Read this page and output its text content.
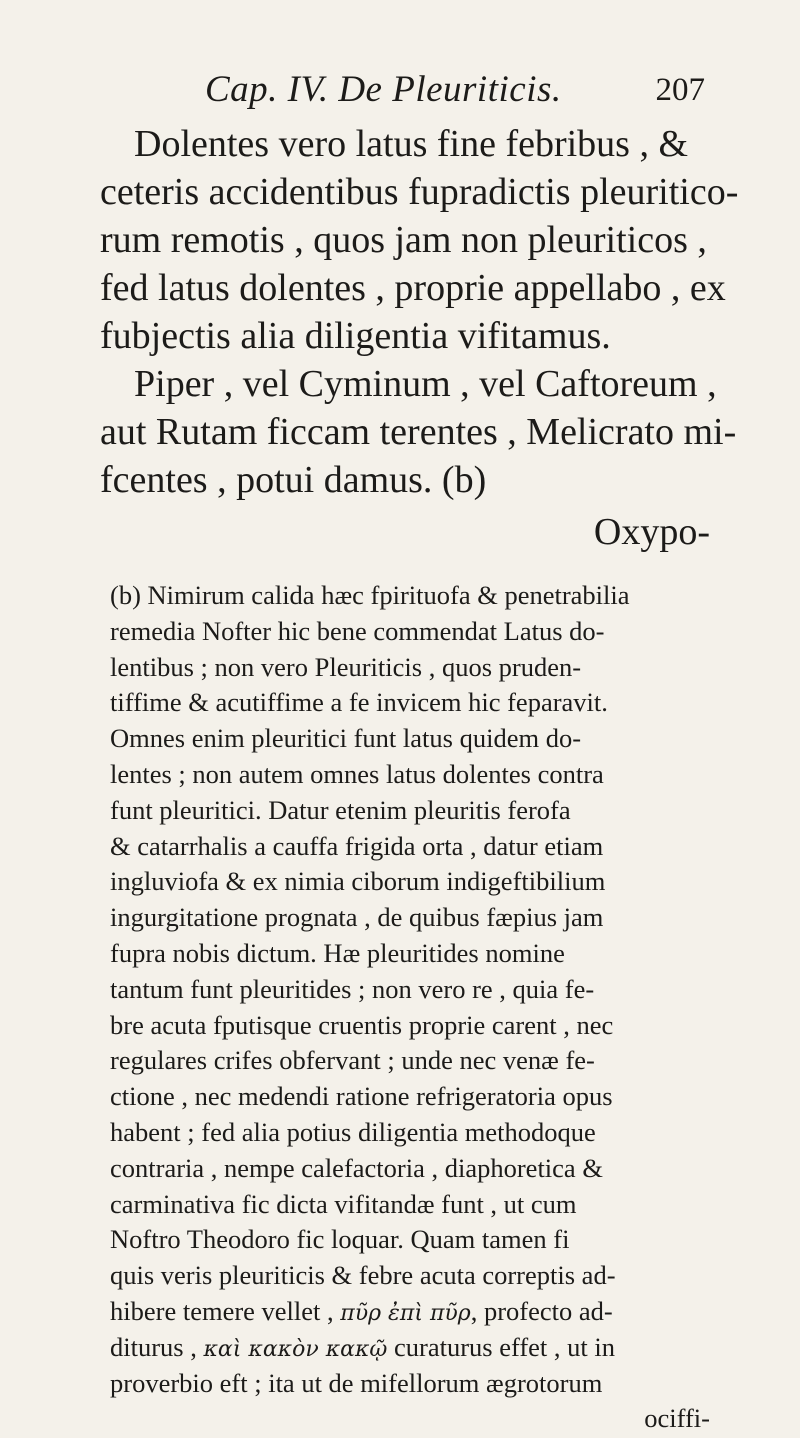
Cap. IV. De Pleuriticis.	207
Dolentes vero latus fine febribus , &
ceteris accidentibus fupradictis pleuritico-
rum remotis , quos jam non pleuriticos ,
fed latus dolentes , proprie appellabo , ex
fubjectis alia diligentia vifitamus.
Piper , vel Cyminum , vel Caftoreum ,
aut Rutam ficcam terentes , Melicrato mi-
fcentes , potui damus. (b)
Oxypo-
(b) Nimirum calida hæc fpirituofa & penetrabilia
remedia Nofter hic bene commendat Latus do-
lentibus ; non vero Pleuriticis , quos pruden-
tiffime & acutiffime a fe invicem hic feparavit.
Omnes enim pleuritici funt latus quidem do-
lentes ; non autem omnes latus dolentes contra
funt pleuritici. Datur etenim pleuritis ferofa
& catarrhalis a cauffa frigida orta , datur etiam
ingluviofa & ex nimia ciborum indigeftibilium
ingurgitatione prognata , de quibus fæpius jam
fupra nobis dictum. Hæ pleuritides nomine
tantum funt pleuritides ; non vero re , quia fe-
bre acuta fputisque cruentis proprie carent , nec
regulares crifes obfervant ; unde nec venæ fe-
ctione , nec medendi ratione refrigeratoria opus
habent ; fed alia potius diligentia methodoque
contraria , nempe calefactoria , diaphoretica &
carminativa fic dicta vifitandæ funt , ut cum
Noftro Theodoro fic loquar. Quam tamen fi
quis veris pleuriticis & febre acuta correptis ad-
hibere temere vellet , πῦρ ἐπὶ πῦρ, profecto ad-
diturus , καὶ κακὸν κακῷ curaturus effet , ut in
proverbio eft ; ita ut de mifellorum ægrotorum
ociffi-
